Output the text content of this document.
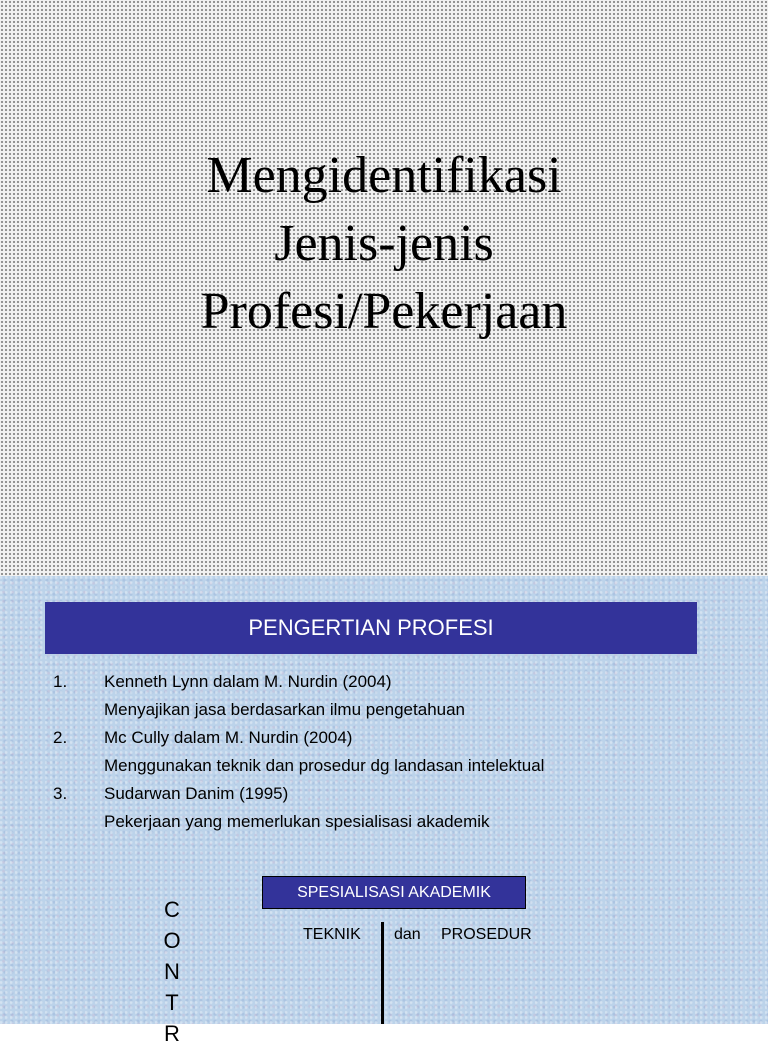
Mengidentifikasi
Jenis-jenis
Profesi/Pekerjaan
PENGERTIAN PROFESI
1. Kenneth Lynn dalam M. Nurdin (2004)
Menyajikan jasa berdasarkan ilmu pengetahuan
2. Mc Cully dalam M. Nurdin (2004)
Menggunakan teknik dan prosedur dg landasan intelektual
3. Sudarwan Danim (1995)
Pekerjaan yang memerlukan spesialisasi akademik
CONTR
SPESIALISASI AKADEMIK
TEKNIK dan PROSEDUR
